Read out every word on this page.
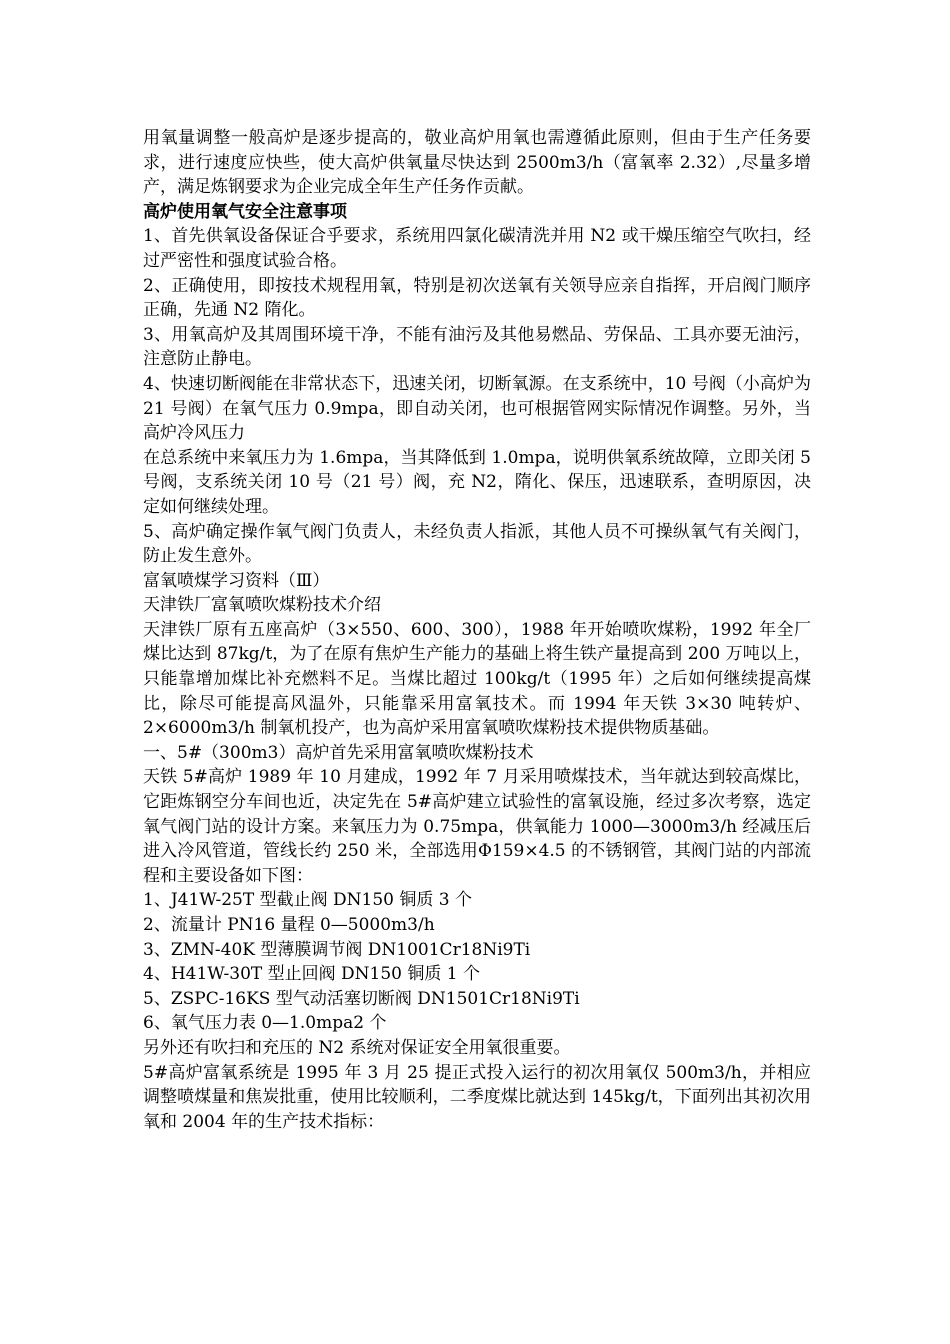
用氧量调整一般高炉是逐步提高的，敬业高炉用氧也需遵循此原则，但由于生产任务要求，进行速度应快些，使大高炉供氧量尽快达到 2500m3/h（富氧率 2.32）,尽量多增产，满足炼钢要求为企业完成全年生产任务作贡献。

高炉使用氧气安全注意事项

1、首先供氧设备保证合乎要求，系统用四氯化碳清洗并用 N2 或干燥压缩空气吹扫，经过严密性和强度试验合格。

2、正确使用，即按技术规程用氧，特别是初次送氧有关领导应亲自指挥，开启阀门顺序正确，先通 N2 隋化。

3、用氧高炉及其周围环境干净，不能有油污及其他易燃品、劳保品、工具亦要无油污，注意防止静电。

4、快速切断阀能在非常状态下，迅速关闭，切断氧源。在支系统中，10 号阀（小高炉为 21 号阀）在氧气压力 0.9mpa，即自动关闭，也可根据管网实际情况作调整。另外，当高炉冷风压力

在总系统中来氧压力为 1.6mpa，当其降低到 1.0mpa，说明供氧系统故障，立即关闭 5 号阀，支系统关闭 10 号（21 号）阀，充 N2，隋化、保压，迅速联系，查明原因，决定如何继续处理。

5、高炉确定操作氧气阀门负责人，未经负责人指派，其他人员不可操纵氧气有关阀门，防止发生意外。

富氧喷煤学习资料（Ⅲ）

天津铁厂富氧喷吹煤粉技术介绍

天津铁厂原有五座高炉（3×550、600、300），1988 年开始喷吹煤粉，1992 年全厂煤比达到 87kg/t，为了在原有焦炉生产能力的基础上将生铁产量提高到 200 万吨以上，只能靠增加煤比补充燃料不足。当煤比超过 100kg/t（1995 年）之后如何继续提高煤比，除尽可能提高风温外，只能靠采用富氧技术。而 1994 年天铁 3×30 吨转炉、2×6000m3/h 制氧机投产，也为高炉采用富氧喷吹煤粉技术提供物质基础。

一、5#（300m3）高炉首先采用富氧喷吹煤粉技术

天铁 5#高炉 1989 年 10 月建成，1992 年 7 月采用喷煤技术，当年就达到较高煤比，它距炼钢空分车间也近，决定先在 5#高炉建立试验性的富氧设施，经过多次考察，选定氧气阀门站的设计方案。来氧压力为 0.75mpa，供氧能力 1000—3000m3/h 经减压后进入冷风管道，管线长约 250 米，全部选用Φ159×4.5 的不锈钢管，其阀门站的内部流程和主要设备如下图：

1、J41W-25T 型截止阀 DN150 铜质 3 个

2、流量计 PN16 量程 0—5000m3/h

3、ZMN-40K 型薄膜调节阀 DN1001Cr18Ni9Ti

4、H41W-30T 型止回阀 DN150 铜质 1 个

5、ZSPC-16KS 型气动活塞切断阀 DN1501Cr18Ni9Ti

6、氧气压力表 0—1.0mpa2 个

另外还有吹扫和充压的 N2 系统对保证安全用氧很重要。

5#高炉富氧系统是 1995 年 3 月 25 提正式投入运行的初次用氧仅 500m3/h，并相应调整喷煤量和焦炭批重，使用比较顺利，二季度煤比就达到 145kg/t，下面列出其初次用氧和 2004 年的生产技术指标：
